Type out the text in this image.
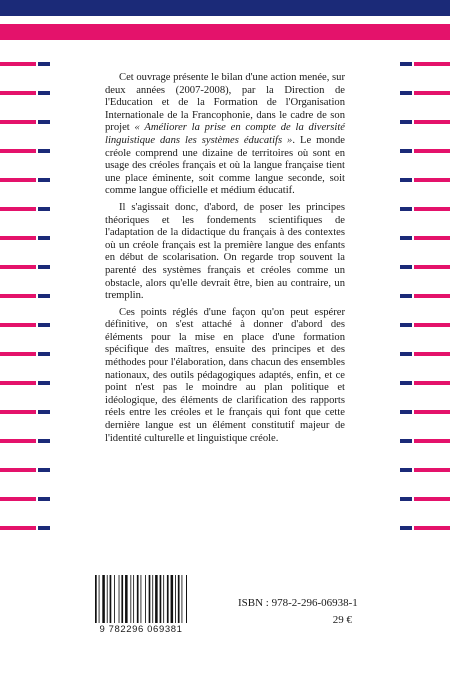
Cet ouvrage présente le bilan d'une action menée, sur deux années (2007-2008), par la Direction de l'Education et de la Formation de l'Organisation Internationale de la Francophonie, dans le cadre de son projet « Améliorer la prise en compte de la diversité linguistique dans les systèmes éducatifs ». Le monde créole comprend une dizaine de territoires où sont en usage des créoles français et où la langue française tient une place éminente, soit comme langue seconde, soit comme langue officielle et médium éducatif.

Il s'agissait donc, d'abord, de poser les principes théoriques et les fondements scientifiques de l'adaptation de la didactique du français à des contextes où un créole français est la première langue des enfants en début de scolarisation. On regarde trop souvent la parenté des systèmes français et créoles comme un obstacle, alors qu'elle devrait être, bien au contraire, un tremplin.

Ces points réglés d'une façon qu'on peut espérer définitive, on s'est attaché à donner d'abord des éléments pour la mise en place d'une formation spécifique des maîtres, ensuite des principes et des méthodes pour l'élaboration, dans chacun des ensembles nationaux, des outils pédagogiques adaptés, enfin, et ce point n'est pas le moindre au plan politique et idéologique, des éléments de clarification des rapports réels entre les créoles et le français qui font que cette dernière langue est un élément constitutif majeur de l'identité culturelle et linguistique créole.

9 782296 069381
ISBN : 978-2-296-06938-1
29 €
